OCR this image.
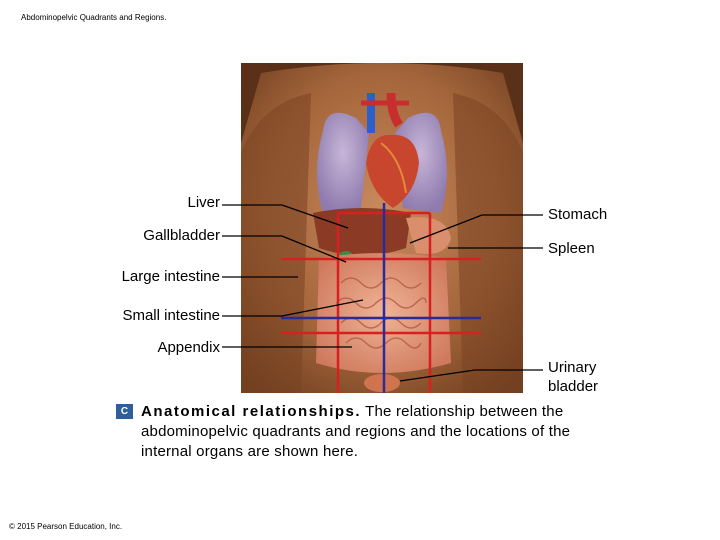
Abdominopelvic Quadrants and Regions.
Liver
Gallbladder
Large intestine
Small intestine
Appendix
Stomach
Spleen
Urinary
bladder
C Anatomical relationships. The relationship between the abdominopelvic quadrants and regions and the locations of the internal organs are shown here.
© 2015 Pearson Education, Inc.
